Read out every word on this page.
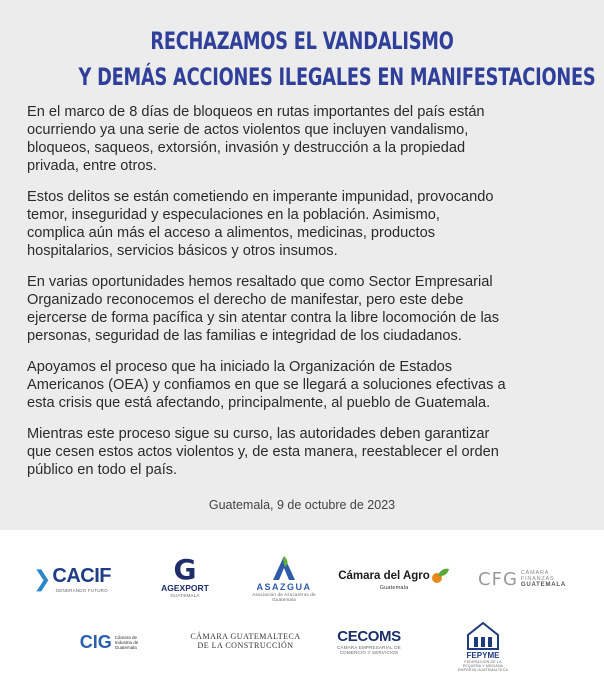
RECHAZAMOS EL VANDALISMO
Y DEMÁS ACCIONES ILEGALES EN MANIFESTACIONES

En el marco de 8 días de bloqueos en rutas importantes del país están
ocurriendo ya una serie de actos violentos que incluyen vandalismo,
bloqueos, saqueos, extorsión, invasión y destrucción a la propiedad
privada, entre otros.

Estos delitos se están cometiendo en imperante impunidad, provocando
temor, inseguridad y especulaciones en la población. Asimismo,
complica aún más el acceso a alimentos, medicinas, productos
hospitalarios, servicios básicos y otros insumos.

En varias oportunidades hemos resaltado que como Sector Empresarial
Organizado reconocemos el derecho de manifestar, pero este debe
ejercerse de forma pacífica y sin atentar contra la libre locomoción de las
personas, seguridad de las familias e integridad de los ciudadanos.

Apoyamos el proceso que ha iniciado la Organización de Estados
Americanos (OEA) y confiamos en que se llegará a soluciones efectivas a
esta crisis que está afectando, principalmente, al pueblo de Guatemala.

Mientras este proceso sigue su curso, las autoridades deben garantizar
que cesen estos actos violentos y, de esta manera, reestablecer el orden
público en todo el país.

Guatemala, 9 de octubre de 2023
❯ CACIF
GENERANDO FUTURO
G
AGEXPORT
GUATEMALA
ASAZGUA
Asociación de Azucareros de Guatemala
Cámara del Agro
Guatemala	CFG CÁMARA
FINANZAS
GUATEMALA
CIG Cámara de
Industria de
Guatemala
CÁMARA GUATEMALTECA
DE LA CONSTRUCCIÓN
CECOMS
CÁMARA EMPRESARIAL DE COMERCIO Y SERVICIOS	FEPYME
FEDERACIÓN DE LA PEQUEÑA Y MEDIANA EMPRESA GUATEMALTECA
